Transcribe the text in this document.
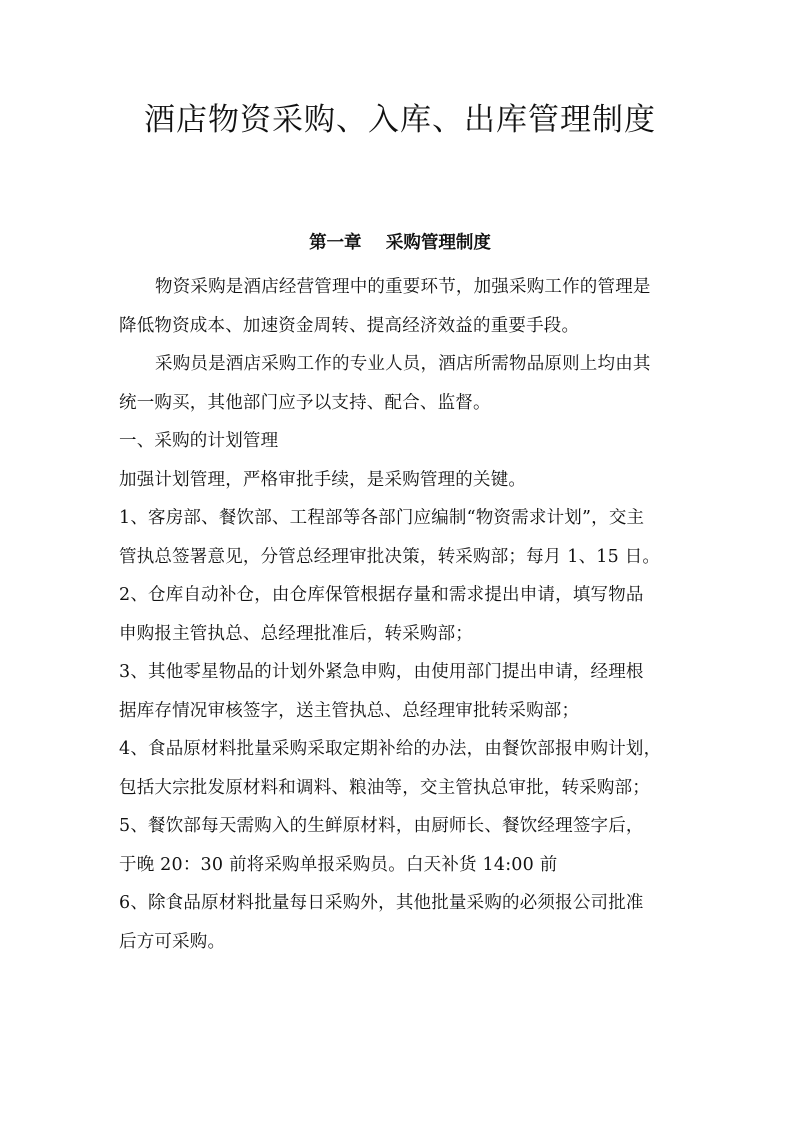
酒店物资采购、入库、出库管理制度
第一章    采购管理制度
物资采购是酒店经营管理中的重要环节，加强采购工作的管理是
降低物资成本、加速资金周转、提高经济效益的重要手段。
采购员是酒店采购工作的专业人员，酒店所需物品原则上均由其
统一购买，其他部门应予以支持、配合、监督。
一、采购的计划管理
加强计划管理，严格审批手续，是采购管理的关键。
1、客房部、餐饮部、工程部等各部门应编制“物资需求计划”，交主
管执总签署意见，分管总经理审批决策，转采购部；每月 1、15 日。
2、仓库自动补仓，由仓库保管根据存量和需求提出申请，填写物品
申购报主管执总、总经理批准后，转采购部；
3、其他零星物品的计划外紧急申购，由使用部门提出申请，经理根
据库存情况审核签字，送主管执总、总经理审批转采购部；
4、食品原材料批量采购采取定期补给的办法，由餐饮部报申购计划，
包括大宗批发原材料和调料、粮油等，交主管执总审批，转采购部；
5、餐饮部每天需购入的生鲜原材料，由厨师长、餐饮经理签字后，
于晚 20：30 前将采购单报采购员。白天补货 14:00 前
6、除食品原材料批量每日采购外，其他批量采购的必须报公司批准
后方可采购。
